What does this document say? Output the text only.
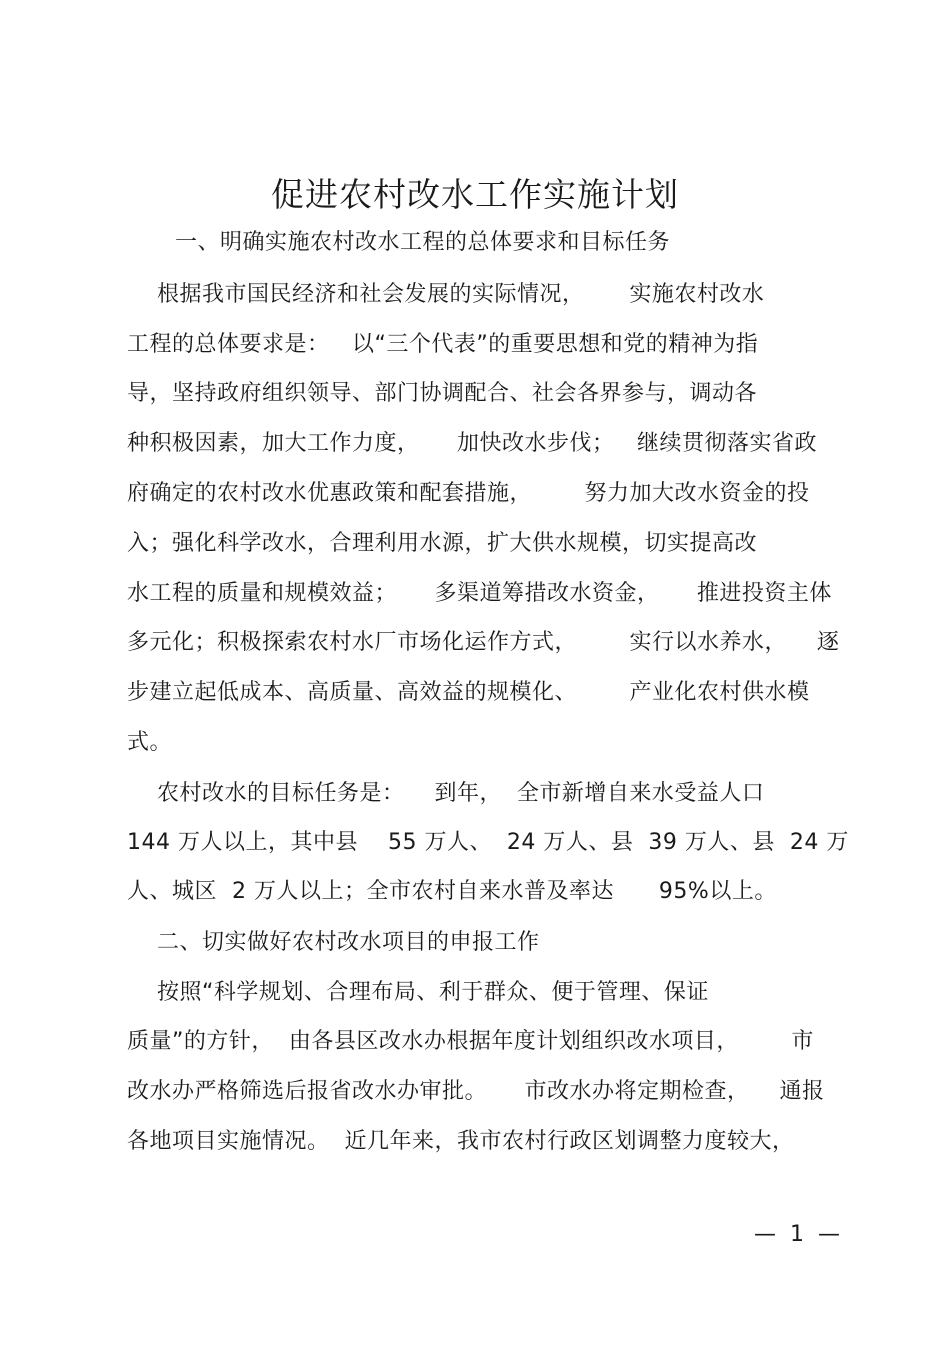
促进农村改水工作实施计划
一、明确实施农村改水工程的总体要求和目标任务
根据我市国民经济和社会发展的实际情况，      实施农村改水
工程的总体要求是：   以“三个代表”的重要思想和党的精神为指
导，坚持政府组织领导、部门协调配合、社会各界参与，调动各
种积极因素，加大工作力度，     加快改水步伐；   继续贯彻落实省政
府确定的农村改水优惠政策和配套措施，       努力加大改水资金的投
入；强化科学改水，合理利用水源，扩大供水规模，切实提高改
水工程的质量和规模效益；     多渠道筹措改水资金，     推进投资主体
多元化；积极探索农村水厂市场化运作方式，       实行以水养水，    逐
步建立起低成本、高质量、高效益的规模化、       产业化农村供水模
式。
农村改水的目标任务是：    到年，  全市新增自来水受益人口
144 万人以上，其中县    55 万人、  24 万人、县  39 万人、县  24 万
人、城区  2 万人以上；全市农村自来水普及率达      95%以上。
二、切实做好农村改水项目的申报工作
按照“科学规划、合理布局、利于群众、便于管理、保证
质量”的方针，  由各县区改水办根据年度计划组织改水项目，       市
改水办严格筛选后报省改水办审批。     市改水办将定期检查，    通报
各地项目实施情况。  近几年来，我市农村行政区划调整力度较大，
—  1  —
